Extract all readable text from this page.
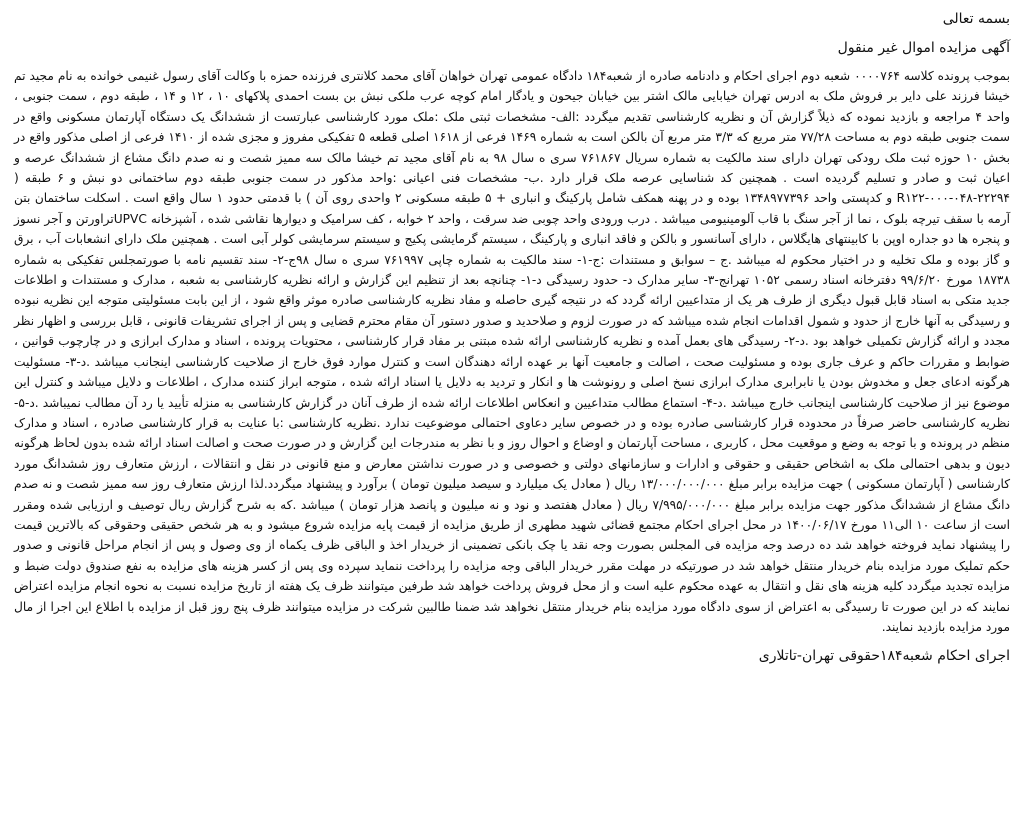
بسمه تعالی
آگهی مزایده اموال غیر منقول

بموجب پرونده کلاسه ۰۰۰۰۷۶۴ شعبه دوم اجرای احکام و دادنامه صادره از شعبه۱۸۴ دادگاه عمومی تهران خواهان آقای محمد کلانتری فرزنده حمزه با وکالت آقای رسول غنیمی خوانده به نام مجید تم خیشا فرزند علی دایر بر فروش ملک به ادرس تهران خیابایی مالک اشتر بین خیابان جیحون و یادگار امام کوچه عرب ملکی نبش بن بست احمدی پلاکهای ۱۰ ، ۱۲ و ۱۴ ، طبقه دوم ، سمت جنوبی ، واحد ۴ مراجعه و بازدید نموده که ذیلاً گزارش آن و نظریه کارشناسی تقدیم میگردد :الف- مشخصات ثبتی ملک :ملک مورد کارشناسی عبارتست از ششدانگ یک دستگاه آپارتمان مسکونی واقع در سمت جنوبی طبقه دوم به مساحت ۷۷/۲۸ متر مربع که ۳/۳ متر مربع آن بالکن است به شماره ۱۴۶۹ فرعی از ۱۶۱۸ اصلی قطعه ۵ تفکیکی مفروز و مجزی شده از ۱۴۱۰ فرعی از اصلی مذکور واقع در بخش ۱۰ حوزه ثبت ملک رودکی تهران دارای سند مالکیت به شماره سریال ۷۶۱۸۶۷ سری ه سال ۹۸ به نام آقای مجید تم خیشا مالک سه ممیز شصت و نه صدم دانگ مشاع از ششدانگ عرصه و اعیان ثبت و صادر و تسلیم گردیده است . همچنین کد شناسایی عرصه ملک قرار دارد .ب- مشخصات فنی اعیانی :واحد مذکور در سمت جنوبی طبقه دوم ساختمانی دو نبش و ۶ طبقه ( R۱۲۲-۰۰۰-۰۴۸-۲۲۲۹۴ و کدپستی واحد ۱۳۴۸۹۷۷۳۹۶ بوده و در پهنه همکف شامل پارکینگ و انباری + ۵ طبقه مسکونی ۲ واحدی روی آن ) با قدمتی حدود ۱ سال واقع است . اسکلت ساختمان بتن آرمه با سقف تیرچه بلوک ، نما از آجر سنگ با قاب آلومینیومی میباشد . درب ورودی واحد چوبی ضد سرقت ، واحد ۲ خوابه ، کف سرامیک و دیوارها نقاشی شده ، آشپزخانه UPVCتراورتن و آجر نسوز و پنجره ها دو جداره اوپن با کابینتهای هایگلاس ، دارای آسانسور و بالکن و فاقد انباری و پارکینگ ، سیستم گرمایشی پکیج و سیستم سرمایشی کولر آبی است . همچنین ملک دارای انشعابات آب ، برق و گاز بوده و ملک تخلیه و در اختیار محکوم له میباشد .ج – سوابق و مستندات :ج-۱- سند مالکیت به شماره چاپی ۷۶۱۹۹۷ سری ه سال ۹۸ج-۲- سند تقسیم نامه با صورتمجلس تفکیکی به شماره ۱۸۷۳۸ مورخ ۹۹/۶/۲۰ دفترخانه اسناد رسمی ۱۰۵۲ تهرانج-۳- سایر مدارک د- حدود رسیدگی د-۱- چنانچه بعد از تنظیم این گزارش و ارائه نظریه کارشناسی به شعبه ، مدارک و مستندات و اطلاعات جدید متکی به اسناد قابل قبول دیگری از طرف هر یک از متداعیین ارائه گردد که در نتیجه گیری حاصله و مفاد نظریه کارشناسی صادره موثر واقع شود ، از این بابت مسئولیتی متوجه این نظریه نبوده و رسیدگی به آنها خارج از حدود و شمول اقدامات انجام شده میباشد که در صورت لزوم و صلاحدید و صدور دستور آن مقام محترم قضایی و پس از اجرای تشریفات قانونی ، قابل بررسی و اظهار نظر مجدد و ارائه گزارش تکمیلی خواهد بود .د-۲- رسیدگی های بعمل آمده و نظریه کارشناسی ارائه شده مبتنی بر مفاد قرار کارشناسی ، محتویات پرونده ، اسناد و مدارک ابرازی و در چارچوب قوانین ، ضوابط و مقررات حاکم و عرف جاری بوده و مسئولیت صحت ، اصالت و جامعیت آنها بر عهده ارائه دهندگان است و کنترل موارد فوق خارج از صلاحیت کارشناسی اینجانب میباشد .د-۳- مسئولیت هرگونه ادعای جعل و مخدوش بودن یا نابرابری مدارک ابرازی نسخ اصلی و رونوشت ها و انکار و تردید به دلایل یا اسناد ارائه شده ، متوجه ابراز کننده مدارک ، اطلاعات و دلایل میباشد و کنترل این موضوع نیز از صلاحیت کارشناسی اینجانب خارج میباشد .د-۴- استماع مطالب متداعیین و انعکاس اطلاعات ارائه شده از طرف آنان در گزارش کارشناسی به منزله تأیید یا رد آن مطالب نمیباشد .د-۵- نظریه کارشناسی حاضر صرفاً در محدوده قرار کارشناسی صادره بوده و در خصوص سایر دعاوی احتمالی موضوعیت ندارد .نظریه کارشناسی :با عنایت به قرار کارشناسی صادره ، اسناد و مدارک منظم در پرونده و با توجه به وضع و موقعیت محل ، کاربری ، مساحت آپارتمان و اوضاع و احوال روز و با نظر به مندرجات این گزارش و در صورت صحت و اصالت اسناد ارائه شده بدون لحاظ هرگونه دیون و بدهی احتمالی ملک به اشخاص حقیقی و حقوقی و ادارات و سازمانهای دولتی و خصوصی و در صورت نداشتن معارض و منع قانونی در نقل و انتقالات ، ارزش متعارف روز ششدانگ مورد کارشناسی ( آپارتمان مسکونی ) جهت مزایده برابر مبلغ ۱۳/۰۰۰/۰۰۰/۰۰۰ ریال ( معادل یک میلیارد و سیصد میلیون تومان ) برآورد و پیشنهاد میگردد.لذا ارزش متعارف روز سه ممیز شصت و نه صدم دانگ مشاع از ششدانگ مذکور جهت مزایده برابر مبلغ ۷/۹۹۵/۰۰۰/۰۰۰ ریال ( معادل هفتصد و نود و نه میلیون و پانصد هزار تومان ) میباشد .که به شرح گزارش ریال توصیف و ارزیابی شده ومقرر است از ساعت ۱۰ الی۱۱ مورخ ۱۴۰۰/۰۶/۱۷ در محل اجرای احکام مجتمع قضائی شهید مطهری از طریق مزایده از قیمت پایه مزایده شروع میشود و به هر شخص حقیقی وحقوقی که بالاترین قیمت را پیشنهاد نماید فروخته خواهد شد ده درصد وجه مزایده فی المجلس بصورت وجه نقد یا چک بانکی تضمینی از خریدار اخذ و الباقی ظرف یکماه از وی وصول و پس از انجام مراحل قانونی و صدور حکم تملیک مورد مزایده بنام خریدار منتقل خواهد شد در صورتیکه در مهلت مقرر خریدار الباقی وجه مزایده را پرداخت ننماید سپرده وی پس از کسر هزینه های مزایده به نفع صندوق دولت ضبط و مزایده تجدید میگردد کلیه هزینه های نقل و انتقال به عهده محکوم علیه است و از محل فروش پرداخت خواهد شد طرفین میتوانند ظرف یک هفته از تاریخ مزایده نسبت به نحوه انجام مزایده اعتراض نمایند که در این صورت تا رسیدگی به اعتراض از سوی دادگاه مورد مزایده بنام خریدار منتقل نخواهد شد ضمنا طالبین شرکت در مزایده میتوانند ظرف پنج روز قبل از مزایده با اطلاع این اجرا از مال مورد مزایده بازدید نمایند.

اجرای احکام شعبه۱۸۴حقوقی تهران-تاتلاری
